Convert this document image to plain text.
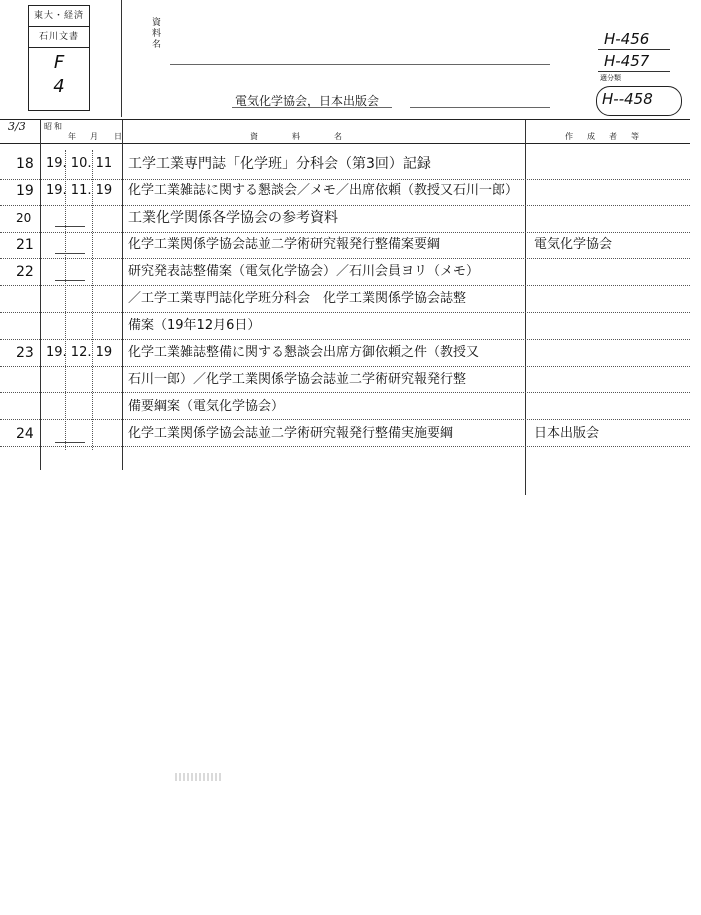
東大・経済
石川文書
F
4
資料名
電気化学協会，日本出版会
H-456
H-457
適分類
H--458
3/3 昭和
年 月 日	資　　料　　名	作　成　者　等
18 19. 10. 11 工学工業専門誌「化学班」分科会（第3回）記録
19 19. 11. 19 化学工業雑誌に関する懇談会／メモ／出席依頼（教授又石川一郎）
20	工業化学関係各学協会の参考資料
21	化学工業関係学協会誌並二学術研究報発行整備案要綱	電気化学協会
22	研究発表誌整備案（電気化学協会）／石川会員ヨリ（メモ）
／工学工業専門誌化学班分科会　化学工業関係学協会誌整
備案（19年12月6日）
23 19. 12. 19 化学工業雑誌整備に関する懇談会出席方御依頼之件（教授又
石川一郎）／化学工業関係学協会誌並二学術研究報発行整
備要綱案（電気化学協会）
24	化学工業関係学協会誌並二学術研究報発行整備実施要綱	日本出版会
